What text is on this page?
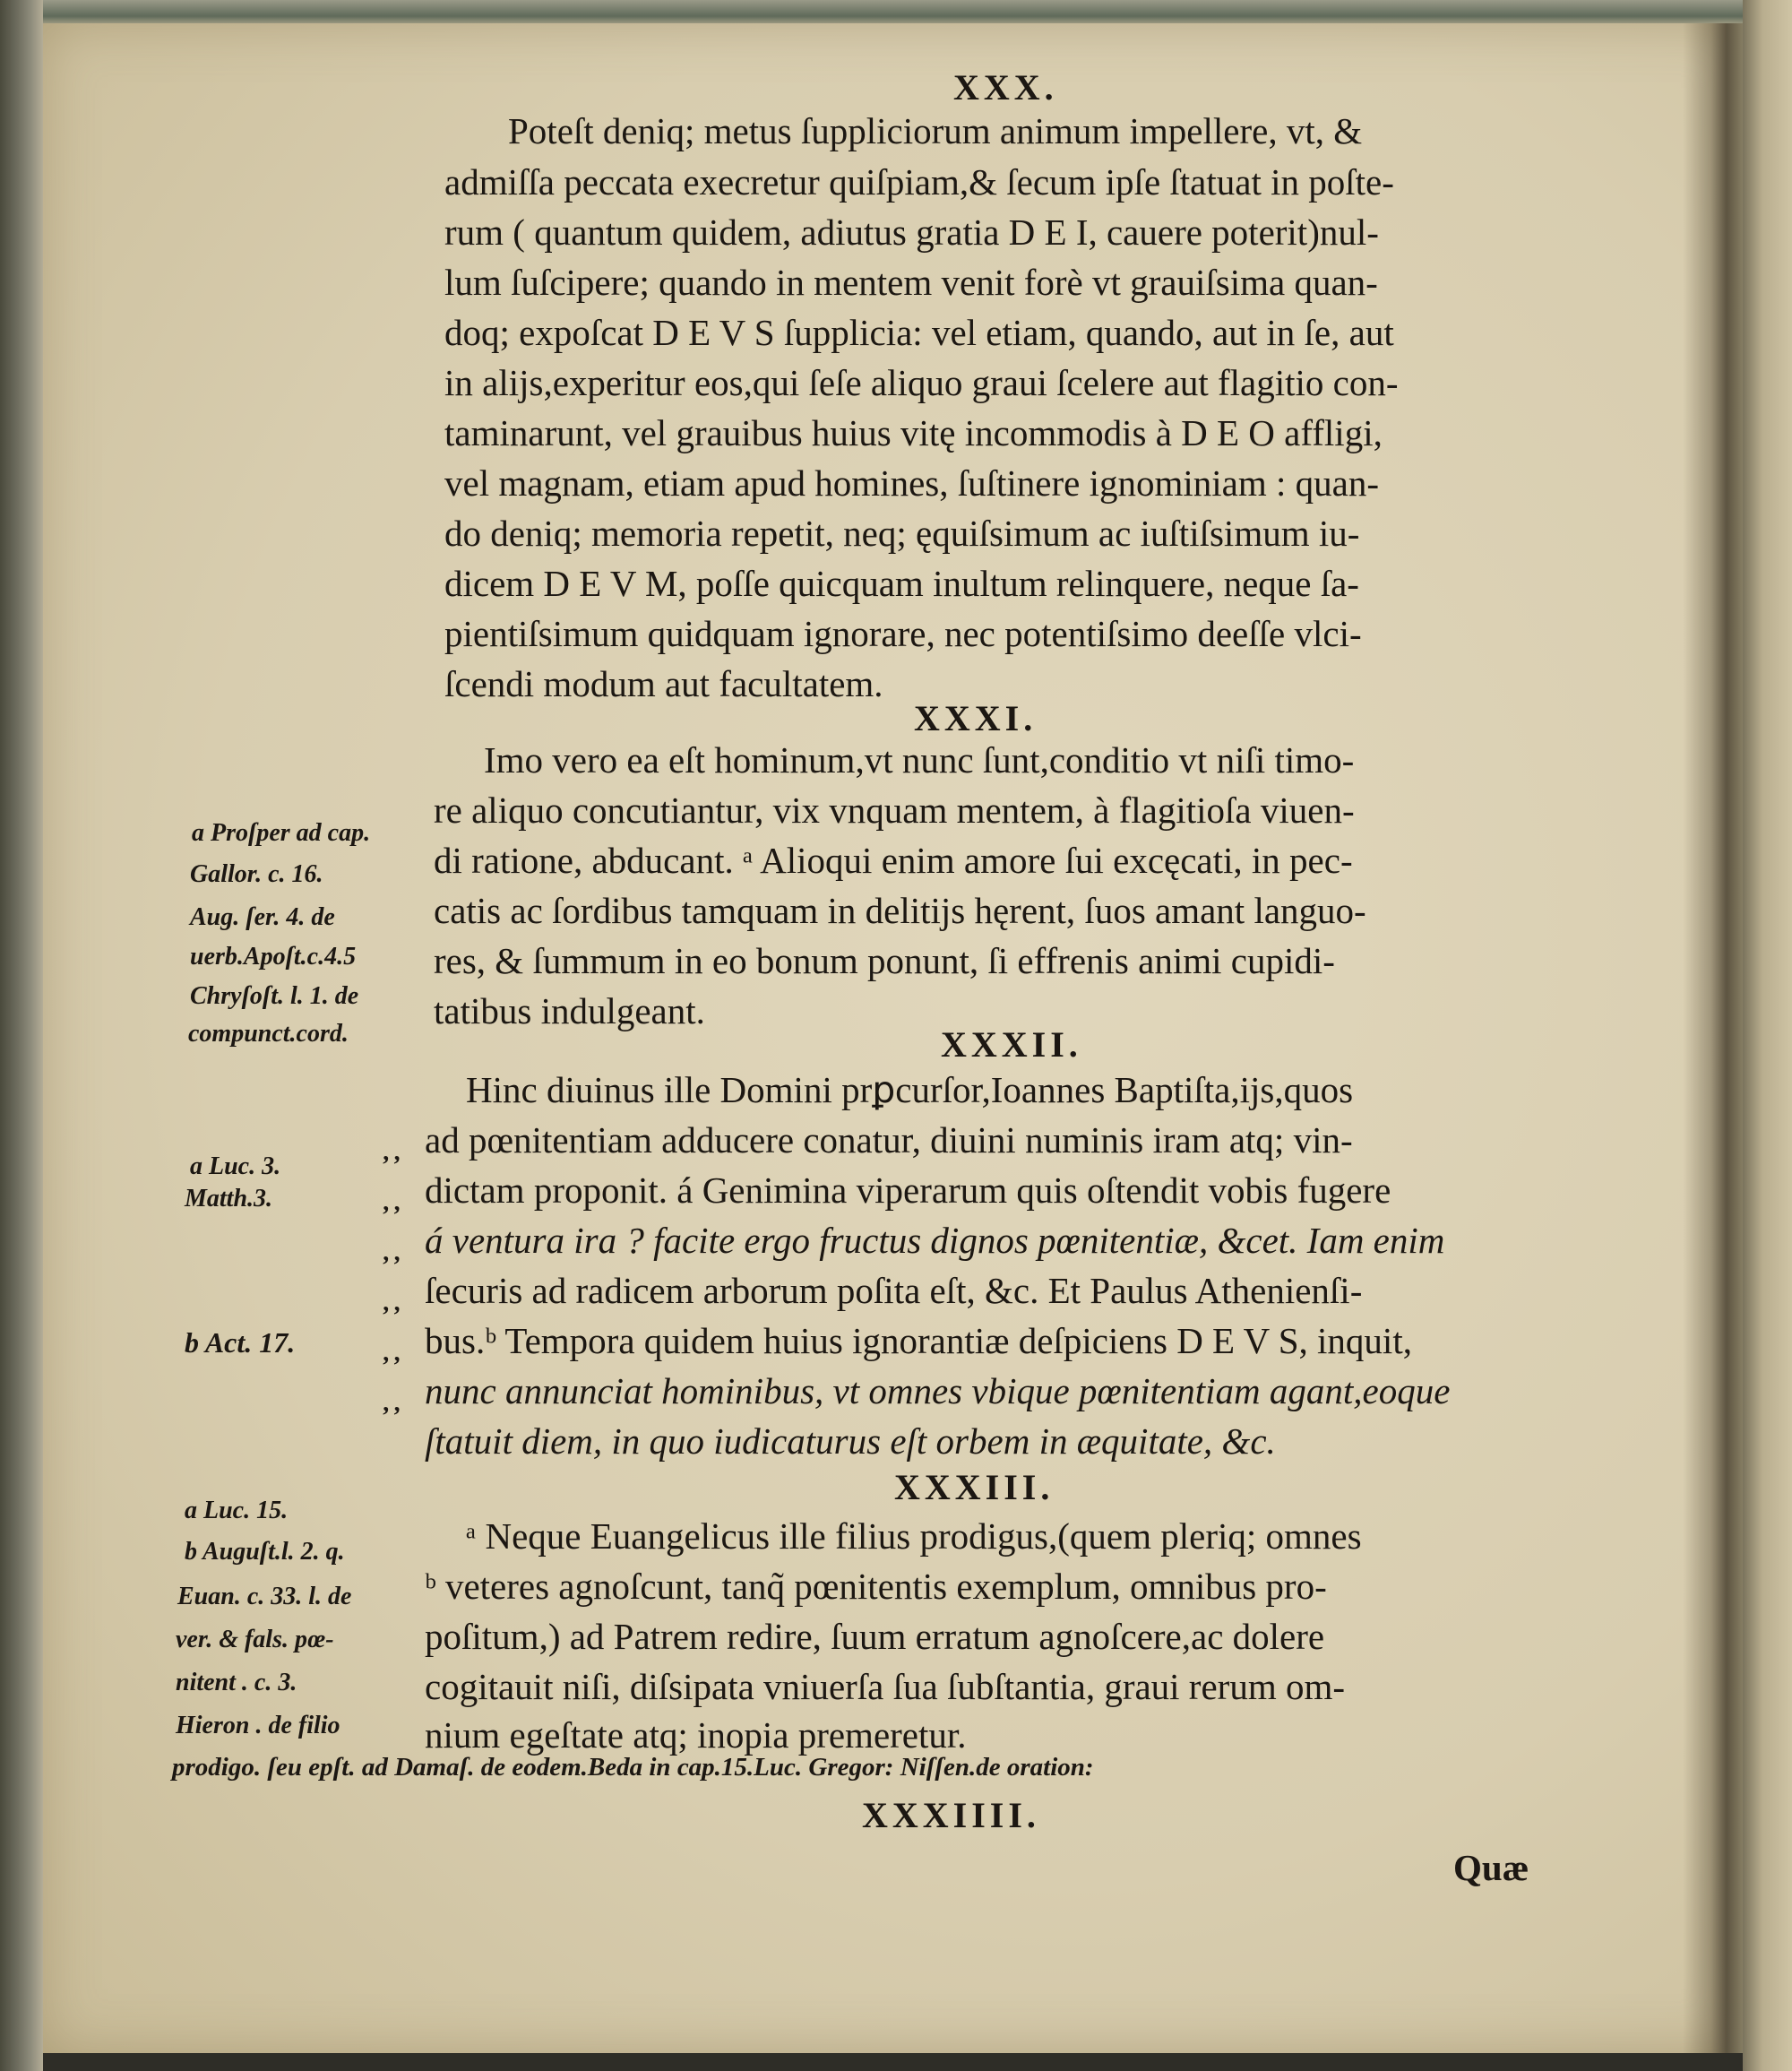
XXX.
Poteſt deniq; metus ſuppliciorum animum impellere, vt, &
admiſſa peccata execretur quiſpiam,& ſecum ipſe ſtatuat in poſte-
rum ( quantum quidem, adiutus gratia D E I, cauere poterit)nul-
lum ſuſcipere; quando in mentem venit forè vt grauiſsima quan-
doq; expoſcat D E V S ſupplicia: vel etiam, quando, aut in ſe, aut
in alijs,experitur eos,qui ſeſe aliquo graui ſcelere aut flagitio con-
taminarunt, vel grauibus huius vitę incommodis à D E O affligi,
vel magnam, etiam apud homines, ſuſtinere ignominiam : quan-
do deniq; memoria repetit, neq; ęquiſsimum ac iuſtiſsimum iu-
dicem D E V M, poſſe quicquam inultum relinquere, neque ſa-
pientiſsimum quidquam ignorare, nec potentiſsimo deeſſe vlci-
ſcendi modum aut facultatem.
XXXI.
Imo vero ea eſt hominum,vt nunc ſunt,conditio vt niſi timo-
re aliquo concutiantur, vix vnquam mentem, à flagitioſa viuen-
di ratione, abducant. ᵃ Alioqui enim amore ſui excęcati, in pec-
catis ac ſordibus tamquam in delitijs hęrent, ſuos amant languo-
res, & ſummum in eo bonum ponunt, ſi effrenis animi cupidi-
tatibus indulgeant.
a Proſper ad cap.
Gallor. c. 16.
Aug. ſer. 4. de
uerb.Apoſt.c.4.5
Chryſoſt. l. 1. de
compunct.cord.	XXXII.
Hinc diuinus ille Domini prꝑcurſor,Ioannes Baptiſta,ijs,quos
ad pœnitentiam adducere conatur, diuini numinis iram atq; vin-
dictam proponit. á Genimina viperarum quis oſtendit vobis fugere
á ventura ira ? facite ergo fructus dignos pœnitentiæ, &cet. Iam enim
ſecuris ad radicem arborum poſita eſt, &c. Et Paulus Athenienſi-
bus.ᵇ Tempora quidem huius ignorantiæ deſpiciens D E V S, inquit,
nunc annunciat hominibus, vt omnes vbique pœnitentiam agant,eoque
ſtatuit diem, in quo iudicaturus eſt orbem in æquitate, &c.
‚‚
‚‚
‚‚
‚‚
‚‚
‚‚
a Luc. 3.
Matth.3.
b Act. 17.
XXXIII.
ᵃ Neque Euangelicus ille filius prodigus,(quem pleriq; omnes
ᵇ veteres agnoſcunt, tanq̃ pœnitentis exemplum, omnibus pro-
poſitum,) ad Patrem redire, ſuum erratum agnoſcere,ac dolere
cogitauit niſi, diſsipata vniuerſa ſua ſubſtantia, graui rerum om-
nium egeſtate atq; inopia premeretur.
a Luc. 15.
b Auguſt.l. 2. q.
Euan. c. 33. l. de
ver. & fals. pœ-
nitent . c. 3.
Hieron . de filio
prodigo. ſeu epſt. ad Damaſ. de eodem.Beda in cap.15.Luc. Gregor: Niſſen.de oration:
XXXIIII.
Quæ
